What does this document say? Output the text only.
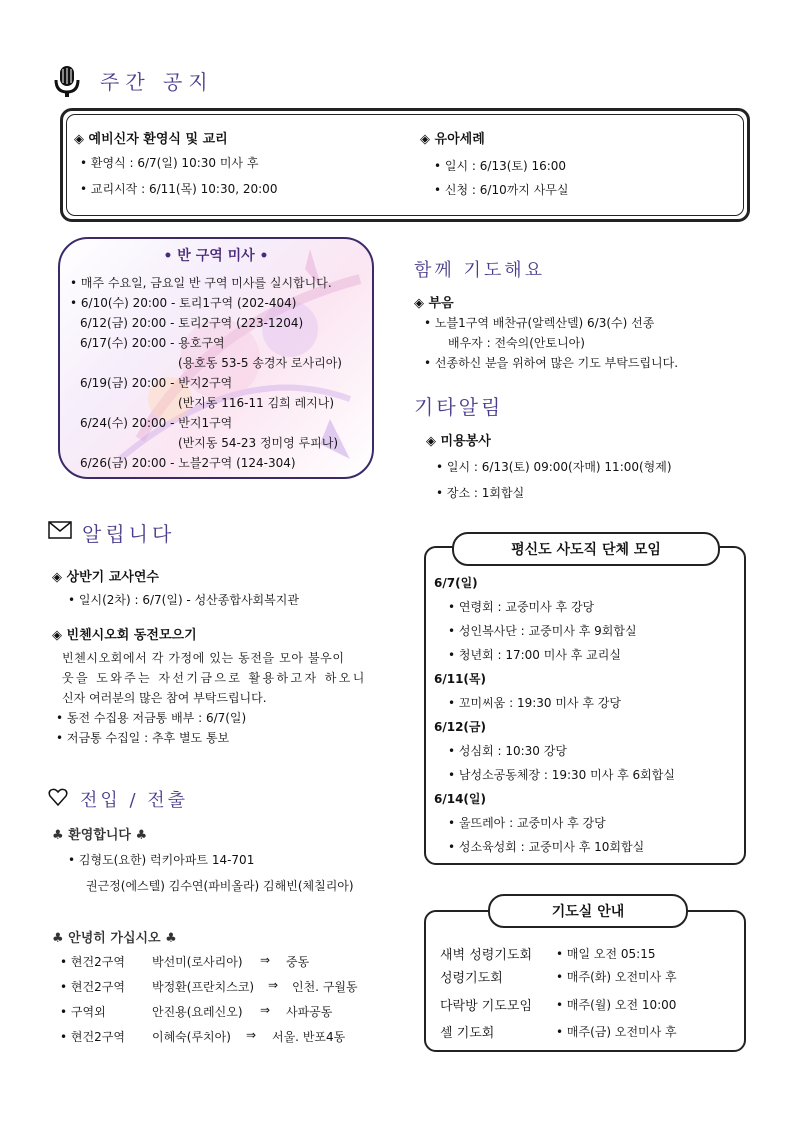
주간 공지
◈ 예비신자 환영식 및 교리
• 환영식 : 6/7(일) 10:30 미사 후
• 교리시작 : 6/11(목) 10:30, 20:00
◈ 유아세례
• 일시 : 6/13(토) 16:00
• 신청 : 6/10까지 사무실
• 반 구역 미사 •
• 매주 수요일, 금요일 반 구역 미사를 실시합니다.
• 6/10(수) 20:00 - 토리1구역 (202-404)
6/12(금) 20:00 - 토리2구역 (223-1204)
6/17(수) 20:00 - 용호구역
(용호동 53-5 송경자 로사리아)
6/19(금) 20:00 - 반지2구역
(반지동 116-11 김희 레지나)
6/24(수) 20:00 - 반지1구역
(반지동 54-23 정미영 루피나)
6/26(금) 20:00 - 노블2구역 (124-304)
함께 기도해요
◈ 부음
• 노블1구역 배찬규(알렉산델) 6/3(수) 선종
배우자 : 전숙의(안토니아)
• 선종하신 분을 위하여 많은 기도 부탁드립니다.
기타알림
◈ 미용봉사
• 일시 : 6/13(토) 09:00(자매) 11:00(형제)
• 장소 : 1회합실
알립니다
◈ 상반기 교사연수
• 일시(2차) : 6/7(일) - 성산종합사회복지관
◈ 빈첸시오회 동전모으기
빈첸시오회에서 각 가정에 있는 동전을 모아 불우이
웃을 도와주는 자선기금으로 활용하고자 하오니
신자 여러분의 많은 참여 부탁드립니다.
• 동전 수집용 저금통 배부 : 6/7(일)
• 저금통 수집일 : 추후 별도 통보
전입 / 전출
♣ 환영합니다 ♣
• 김형도(요한) 럭키아파트 14-701
권근정(에스텔) 김수연(파비올라) 김해빈(체칠리아)
♣ 안녕히 가십시오 ♣
• 현건2구역 박선미(로사리아) ⇒ 중동
• 현건2구역 박정환(프란치스코) ⇒ 인천. 구월동
• 구역외	안진용(요레신오) ⇒ 사파공동
• 현건2구역 이혜숙(루치아) ⇒ 서울. 반포4동
평신도 사도직 단체 모임
6/7(일)
• 연령회 : 교중미사 후 강당
• 성인복사단 : 교중미사 후 9회합실
• 청년회 : 17:00 미사 후 교리실
6/11(목)
• 꼬미씨움 : 19:30 미사 후 강당
6/12(금)
• 성심회 : 10:30 강당
• 남성소공동체장 : 19:30 미사 후 6회합실
6/14(일)
• 울뜨레아 : 교중미사 후 강당
• 성소육성회 : 교중미사 후 10회합실
기도실 안내
새벽 성령기도회 • 매일 오전 05:15
성령기도회	• 매주(화) 오전미사 후
다락방 기도모임 • 매주(월) 오전 10:00
셀 기도회	• 매주(금) 오전미사 후
